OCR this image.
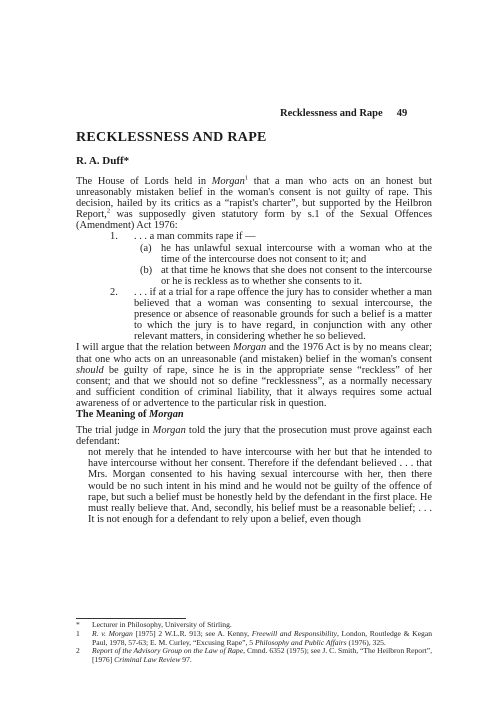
Recklessness and Rape 49
RECKLESSNESS AND RAPE
R. A. Duff*

The House of Lords held in Morgan$^1$ that a man who acts on an honest but unreasonably mistaken belief in the woman's consent is not guilty of rape. This decision, hailed by its critics as a “rapist's charter”, but supported by the Heilbron Report,$^2$ was supposedly given statutory form by s.1 of the Sexual Offences (Amendment) Act 1976:

1.	. . . a man commits rape if —
(a) he has unlawful sexual intercourse with a woman who at the time of the intercourse does not consent to it; and
(b) at that time he knows that she does not consent to the intercourse or he is reckless as to whether she consents to it.
2.	. . . if at a trial for a rape offence the jury has to consider whether a man believed that a woman was consenting to sexual intercourse, the presence or absence of reasonable grounds for such a belief is a matter to which the jury is to have regard, in conjunction with any other relevant matters, in considering whether he so believed.

I will argue that the relation between Morgan and the 1976 Act is by no means clear; that one who acts on an unreasonable (and mistaken) belief in the woman's consent should be guilty of rape, since he is in the appropriate sense “reckless” of her consent; and that we should not so define “recklessness”, as a normally necessary and sufficient condition of criminal liability, that it always requires some actual awareness of or advertence to the particular risk in question.

The Meaning of Morgan

The trial judge in Morgan told the jury that the prosecution must prove against each defendant:

not merely that he intended to have intercourse with her but that he intended to have intercourse without her consent. Therefore if the defendant believed . . . that Mrs. Morgan consented to his having sexual intercourse with her, then there would be no such intent in his mind and he would not be guilty of the offence of rape, but such a belief must be honestly held by the defendant in the first place. He must really believe that. And, secondly, his belief must be a reasonable belief; . . . It is not enough for a defendant to rely upon a belief, even though

*	Lecturer in Philosophy, University of Stirling.
1	R. v. Morgan [1975] 2 W.L.R. 913; see A. Kenny, Freewill and Responsibility, London, Routledge & Kegan Paul, 1978, 57-63; E. M. Curley, “Excusing Rape”, 5 Philosophy and Public Affairs (1976), 325.
2	Report of the Advisory Group on the Law of Rape, Cmnd. 6352 (1975); see J. C. Smith, “The Heilbron Report”, [1976] Criminal Law Review 97.
